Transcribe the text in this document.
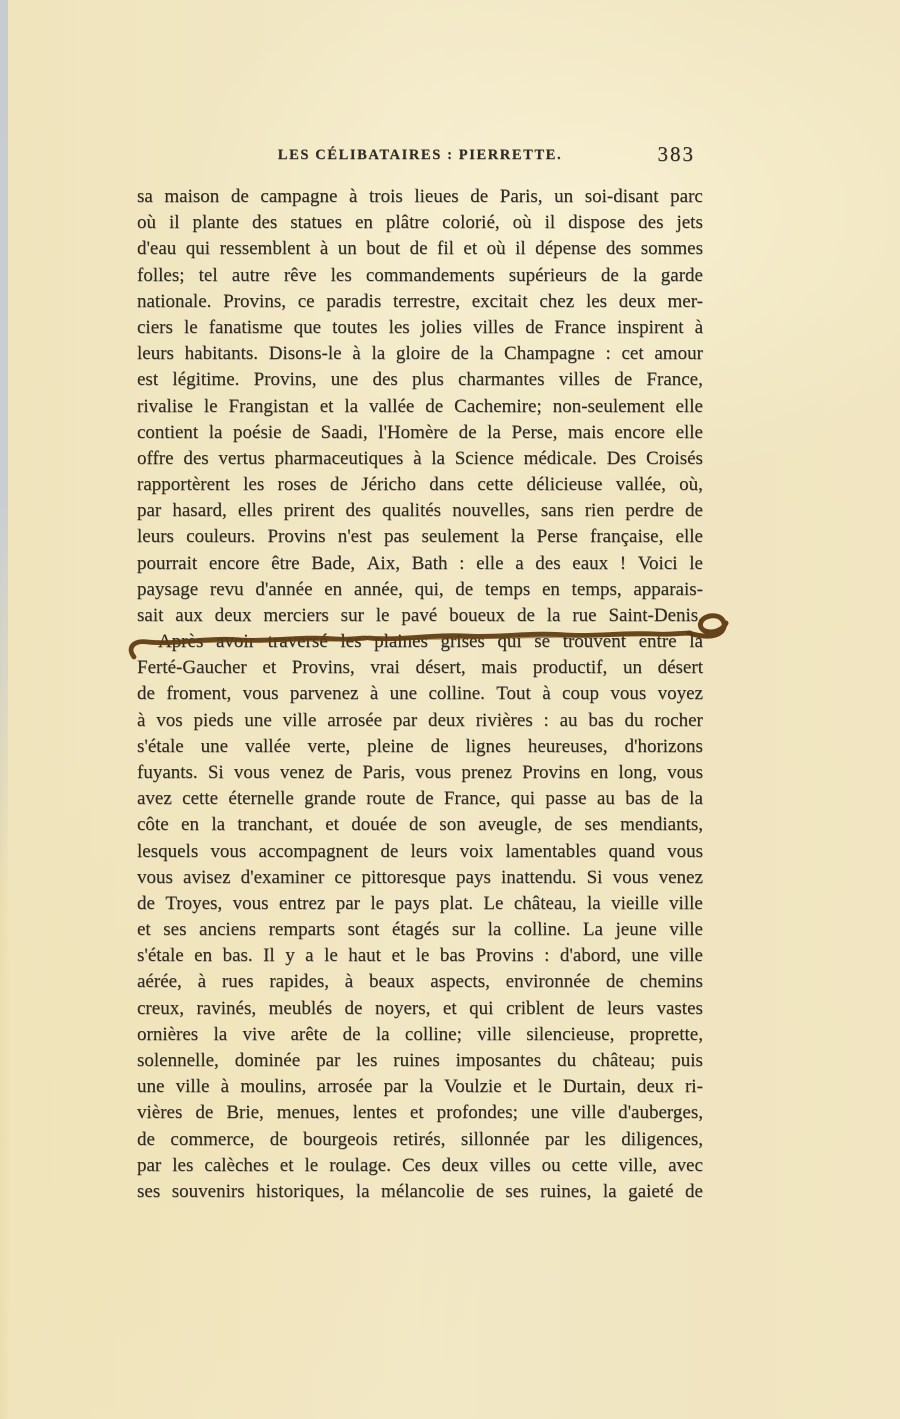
LES CÉLIBATAIRES : PIERRETTE.	383
sa maison de campagne à trois lieues de Paris, un soi-disant parc
où il plante des statues en plâtre colorié, où il dispose des jets
d'eau qui ressemblent à un bout de fil et où il dépense des sommes
folles; tel autre rêve les commandements supérieurs de la garde
nationale. Provins, ce paradis terrestre, excitait chez les deux mer-
ciers le fanatisme que toutes les jolies villes de France inspirent à
leurs habitants. Disons-le à la gloire de la Champagne : cet amour
est légitime. Provins, une des plus charmantes villes de France,
rivalise le Frangistan et la vallée de Cachemire; non-seulement elle
contient la poésie de Saadi, l'Homère de la Perse, mais encore elle
offre des vertus pharmaceutiques à la Science médicale. Des Croisés
rapportèrent les roses de Jéricho dans cette délicieuse vallée, où,
par hasard, elles prirent des qualités nouvelles, sans rien perdre de
leurs couleurs. Provins n'est pas seulement la Perse française, elle
pourrait encore être Bade, Aix, Bath : elle a des eaux ! Voici le
paysage revu d'année en année, qui, de temps en temps, apparais-
sait aux deux merciers sur le pavé boueux de la rue Saint-Denis.
Après avoir traversé les plaines grises qui se trouvent entre la
Ferté-Gaucher et Provins, vrai désert, mais productif, un désert
de froment, vous parvenez à une colline. Tout à coup vous voyez
à vos pieds une ville arrosée par deux rivières : au bas du rocher
s'étale une vallée verte, pleine de lignes heureuses, d'horizons
fuyants. Si vous venez de Paris, vous prenez Provins en long, vous
avez cette éternelle grande route de France, qui passe au bas de la
côte en la tranchant, et douée de son aveugle, de ses mendiants,
lesquels vous accompagnent de leurs voix lamentables quand vous
vous avisez d'examiner ce pittoresque pays inattendu. Si vous venez
de Troyes, vous entrez par le pays plat. Le château, la vieille ville
et ses anciens remparts sont étagés sur la colline. La jeune ville
s'étale en bas. Il y a le haut et le bas Provins : d'abord, une ville
aérée, à rues rapides, à beaux aspects, environnée de chemins
creux, ravinés, meublés de noyers, et qui criblent de leurs vastes
ornières la vive arête de la colline; ville silencieuse, proprette,
solennelle, dominée par les ruines imposantes du château; puis
une ville à moulins, arrosée par la Voulzie et le Durtain, deux ri-
vières de Brie, menues, lentes et profondes; une ville d'auberges,
de commerce, de bourgeois retirés, sillonnée par les diligences,
par les calèches et le roulage. Ces deux villes ou cette ville, avec
ses souvenirs historiques, la mélancolie de ses ruines, la gaieté de
